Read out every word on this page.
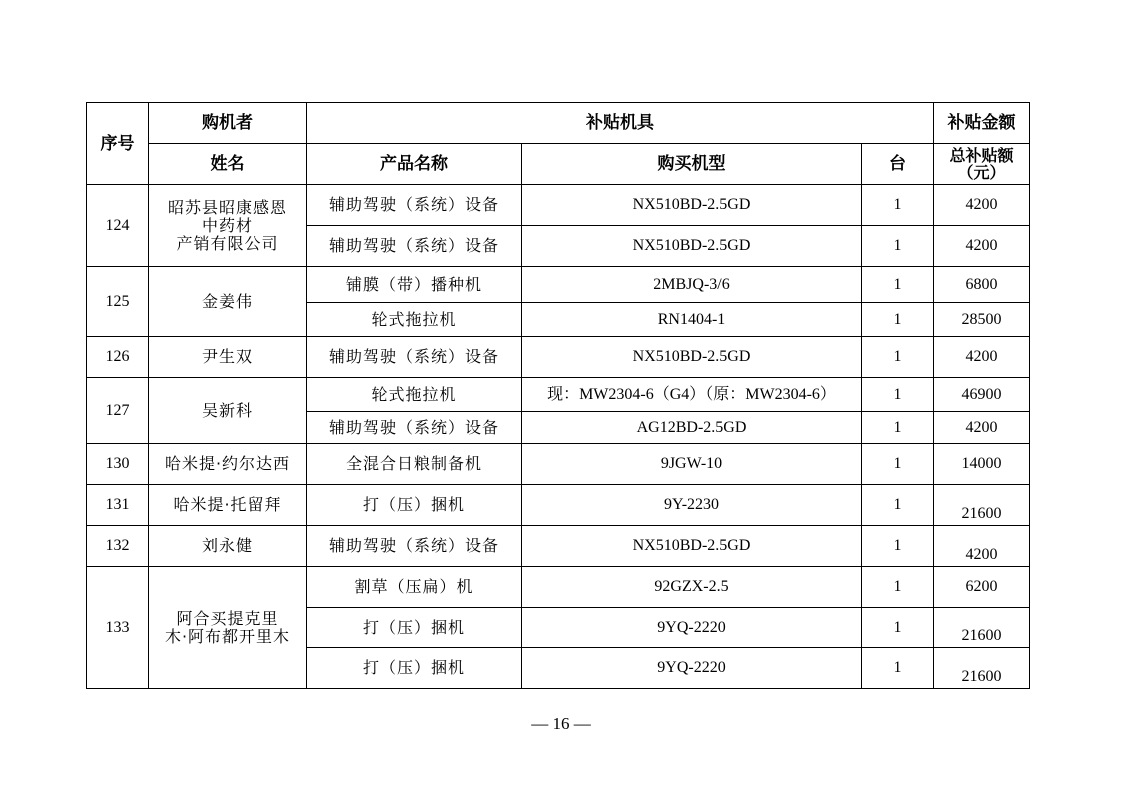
序号	购机者	补贴机具			补贴金额
	姓名	产品名称	购买机型	台	总补贴额
（元）

124	昭苏县昭康感恩
中药材
产销有限公司	辅助驾驶（系统）设备	NX510BD-2.5GD	1	4200
		辅助驾驶（系统）设备	NX510BD-2.5GD	1	4200
125	金姜伟	铺膜（带）播种机	2MBJQ-3/6	1	6800
		轮式拖拉机	RN1404-1	1	28500
126	尹生双	辅助驾驶（系统）设备	NX510BD-2.5GD	1	4200
127	吴新科	轮式拖拉机	现：MW2304-6（G4）（原：MW2304-6）	1	46900
		辅助驾驶（系统）设备	AG12BD-2.5GD	1	4200
130	哈米提·约尔达西	全混合日粮制备机	9JGW-10	1	14000
131	哈米提·托留拜	打（压）捆机	9Y-2230	1	21600
132	刘永健	辅助驾驶（系统）设备	NX510BD-2.5GD	1	4200
133	阿合买提克里
木·阿布都开里木	割草（压扁）机	92GZX-2.5	1	6200
		打（压）捆机	9YQ-2220	1	21600
		打（压）捆机	9YQ-2220	1	21600
— 16 —
